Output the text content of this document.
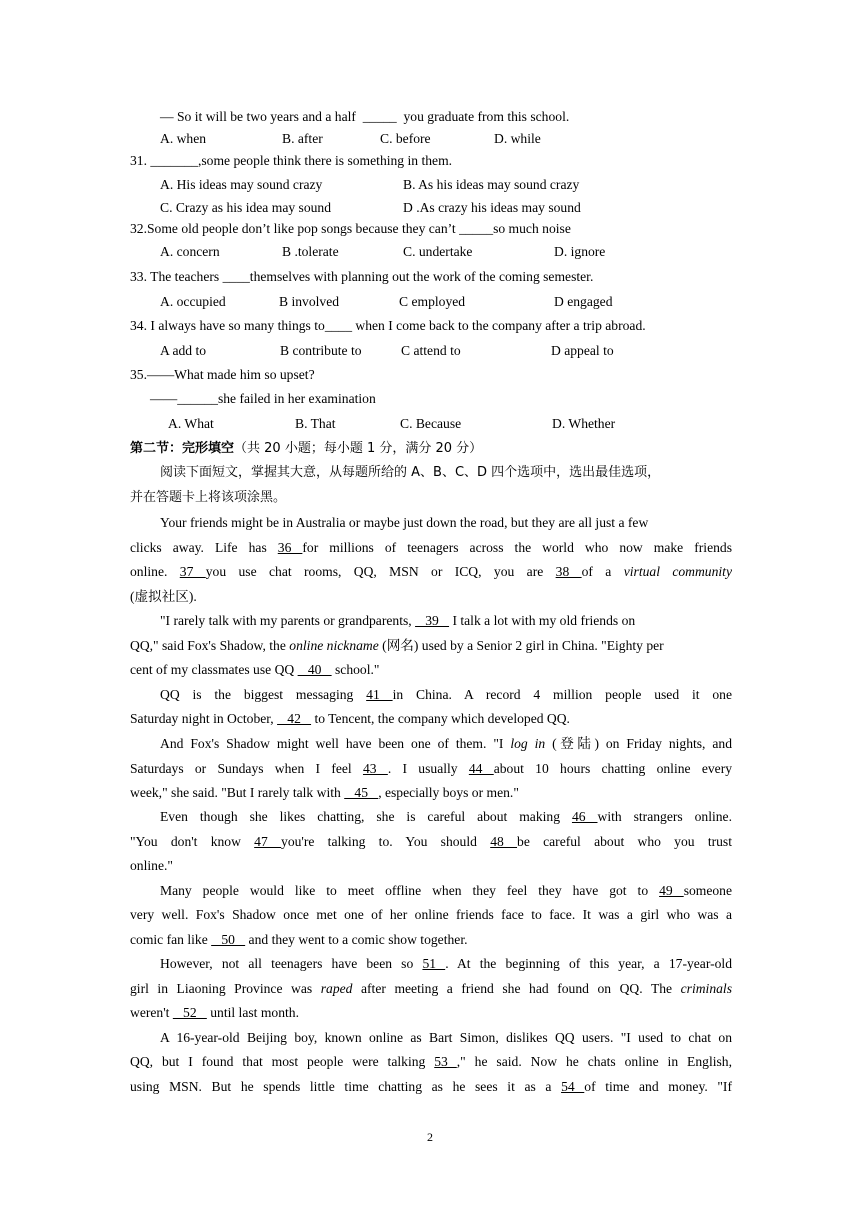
— So it will be two years and a half  _____  you graduate from this school.
A. when	B. after	C. before	D. while
31. _______,some people think there is something in them.
A. His ideas may sound crazy	B. As his ideas may sound crazy
C. Crazy as his idea may sound	D .As crazy his ideas may sound
32.Some old people don’t like pop songs because they can’t _____so much noise
A. concern	B .tolerate	C. undertake	D. ignore
33. The teachers ____themselves with planning out the work of the coming semester.
A. occupied	B involved	C employed	D engaged
34. I always have so many things to____ when I come back to the company after a trip abroad.
A add to	B contribute to	C attend to	D appeal to
35.——What made him so upset?
——______she failed in her examination
A. What	B. That	C. Because	D. Whether
第二节：完形填空（共 20 小题；每小题 1 分，满分 20 分）
阅读下面短文，掌握其大意，从每题所给的 A、B、C、D 四个选项中，选出最佳选项，
并在答题卡上将该项涂黑。
Your friends might be in Australia or maybe just down the road, but they are all just a few
clicks away. Life has 36 for millions of teenagers across the world who now make friends
online. 37 you use chat rooms, QQ, MSN or ICQ, you are 38 of a virtual community
(虚拟社区).
"I rarely talk with my parents or grandparents,    39    I talk a lot with my old friends on
QQ," said Fox's Shadow, the online nickname (网名) used by a Senior 2 girl in China. "Eighty per
cent of my classmates use QQ    40    school."
QQ is the biggest messaging 41 in China. A record 4 million people used it one
Saturday night in October,    42    to Tencent, the company which developed QQ.
And Fox's Shadow might well have been one of them. "I log in (登陆) on Friday nights, and
Saturdays or Sundays when I feel 43 . I usually 44 about 10 hours chatting online every
week," she said. "But I rarely talk with    45   , especially boys or men."
Even though she likes chatting, she is careful about making 46 with strangers online.
"You don't know 47 you're talking to. You should 48 be careful about who you trust
online."
Many people would like to meet offline when they feel they have got to 49 someone
very well. Fox's Shadow once met one of her online friends face to face. It was a girl who was a
comic fan like    50    and they went to a comic show together.
However, not all teenagers have been so 51 . At the beginning of this year, a 17-year-old
girl in Liaoning Province was raped after meeting a friend she had found on QQ. The criminals
weren't    52    until last month.
A 16-year-old Beijing boy, known online as Bart Simon, dislikes QQ users. "I used to chat on
QQ, but I found that most people were talking 53 ," he said. Now he chats online in English,
using MSN. But he spends little time chatting as he sees it as a 54 of time and money. "If
2
